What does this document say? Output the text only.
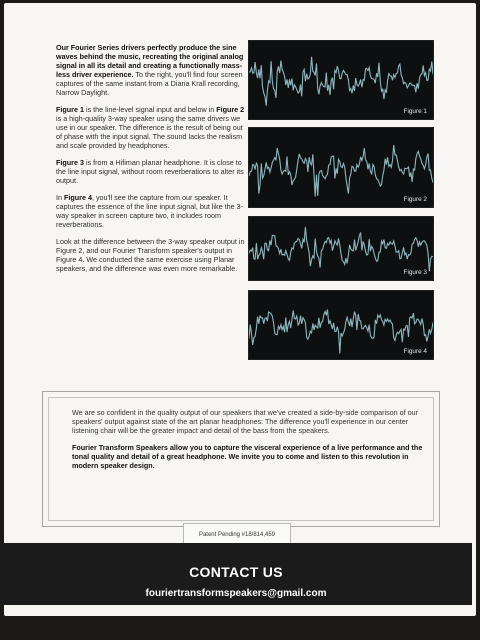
Our Fourier Series drivers perfectly produce the sine waves behind the music, recreating the original analog signal in all its detail and creating a functionally mass-less driver experience. To the right, you'll find four screen captures of the same instant from a Diana Krall recording, Narrow Daylight.

Figure 1 is the line-level signal input and below in Figure 2 is a high-quality 3-way speaker using the same drivers we use in our speaker. The difference is the result of being out of phase with the input signal. The sound lacks the realism and scale provided by headphones.

Figure 3 is from a Hifiman planar headphone. It is close to the line input signal, without room reverberations to alter its output.

In Figure 4, you'll see the capture from our speaker. It captures the essence of the line input signal, but like the 3-way speaker in screen capture two, it includes room reverberations.

Look at the difference between the 3-way speaker output in Figure 2, and our Fourier Transform speaker's output in Figure 4. We conducted the same exercise using Planar speakers, and the difference was even more remarkable.

Figure 1
Figure 2
Figure 3
Figure 4

We are so confident in the quality output of our speakers that we've created a side-by-side comparison of our speakers' output against state of the art planar headphones: The difference you'll experience in our center listening chair will be the greater impact and detail of the bass from the speakers.

Fourier Transform Speakers allow you to capture the visceral experience of a live performance and the tonal quality and detail of a great headphone. We invite you to come and listen to this revolution in modern speaker design.

Patent Pending #18/814,459
CONTACT US
fouriertransformspeakers@gmail.com
